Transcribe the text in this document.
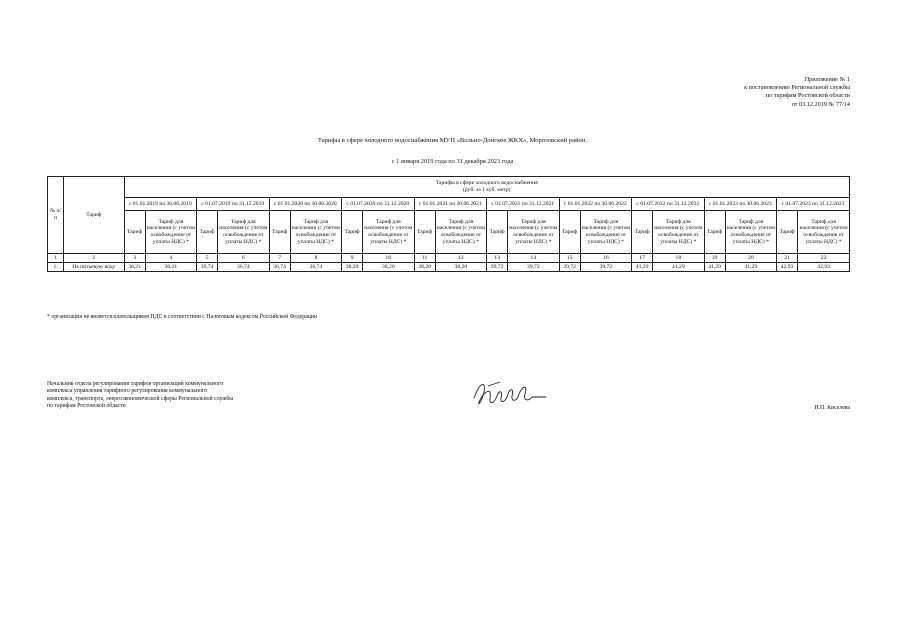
Приложение № 1
к постановлению Региональной службы
по тарифам Ростовской области
от 03.12.2019 № 77/14
Тарифы в сфере холодного водоснабжения МУП «Вольно-Донское ЖКХ», Морозовский район.
с 1 января 2019 года по 31 декабря 2023 года
№ п/п	Тариф	Тарифы в сфере холодного водоснабжения
(руб. за 1 куб. метр)																			

		с 01.01.2019 по 30.06.2019		с 01.07.2019 по 31.12.2019		с 01.01.2020 по 30.06.2020		с 01.07.2020 по 31.12.2020		с 01.01.2021 по 30.06.2021		с 01.07.2021 по 31.12.2021		с 01.01.2022 по 30.06.2022		с 01.07.2022 по 31.12.2022		с 01.01.2023 по 30.06.2023		с 01.07.2023 по 31.12.2023	
		Тариф	Тариф для населения (с учетом освобождение от уплаты НДС) *	Тариф	Тариф для населения (с учетом освобождение от уплаты НДС) *	Тариф	Тариф для населения (с учетом освобождение от уплаты НДС) *	Тариф	Тариф для населения (с учетом освобождение от уплаты НДС) *	Тариф	Тариф для населения (с учетом освобождение от уплаты НДС) *	Тариф	Тариф для населения (с учетом освобождение от уплаты НДС) *	Тариф	Тариф для населения (с учетом освобождение от уплаты НДС) *	Тариф	Тариф для населения (с учетом освобождение от уплаты НДС) *	Тариф	Тариф для населения (с учетом освобождение от уплаты НДС) *	Тариф	Тариф для населения (с учетом освобождение от уплаты НДС) *
1	2	3	4	5	6	7	8	9	10	11	12	13	14	15	16	17	18	19	20	21	22
1.	На питьевую воду	36,21	36,21	36,74	36,74	36,74	36,74	38,20	38,20	38,20	38,20	39,72	39,72	39,72	39,72	41,29	41,29	41,29	41,29	42,93	42,93
* организация не является плательщиком НДС в соответствии с Налоговым кодексом Российской Федерации
Начальник отдела регулирования тарифов организаций коммунального
комплекса управления тарифного регулирования коммунального
комплекса, транспорта, энергоэкономической сферы Региональной службы
по тарифам Ростовской области	Н.П. Киселева
